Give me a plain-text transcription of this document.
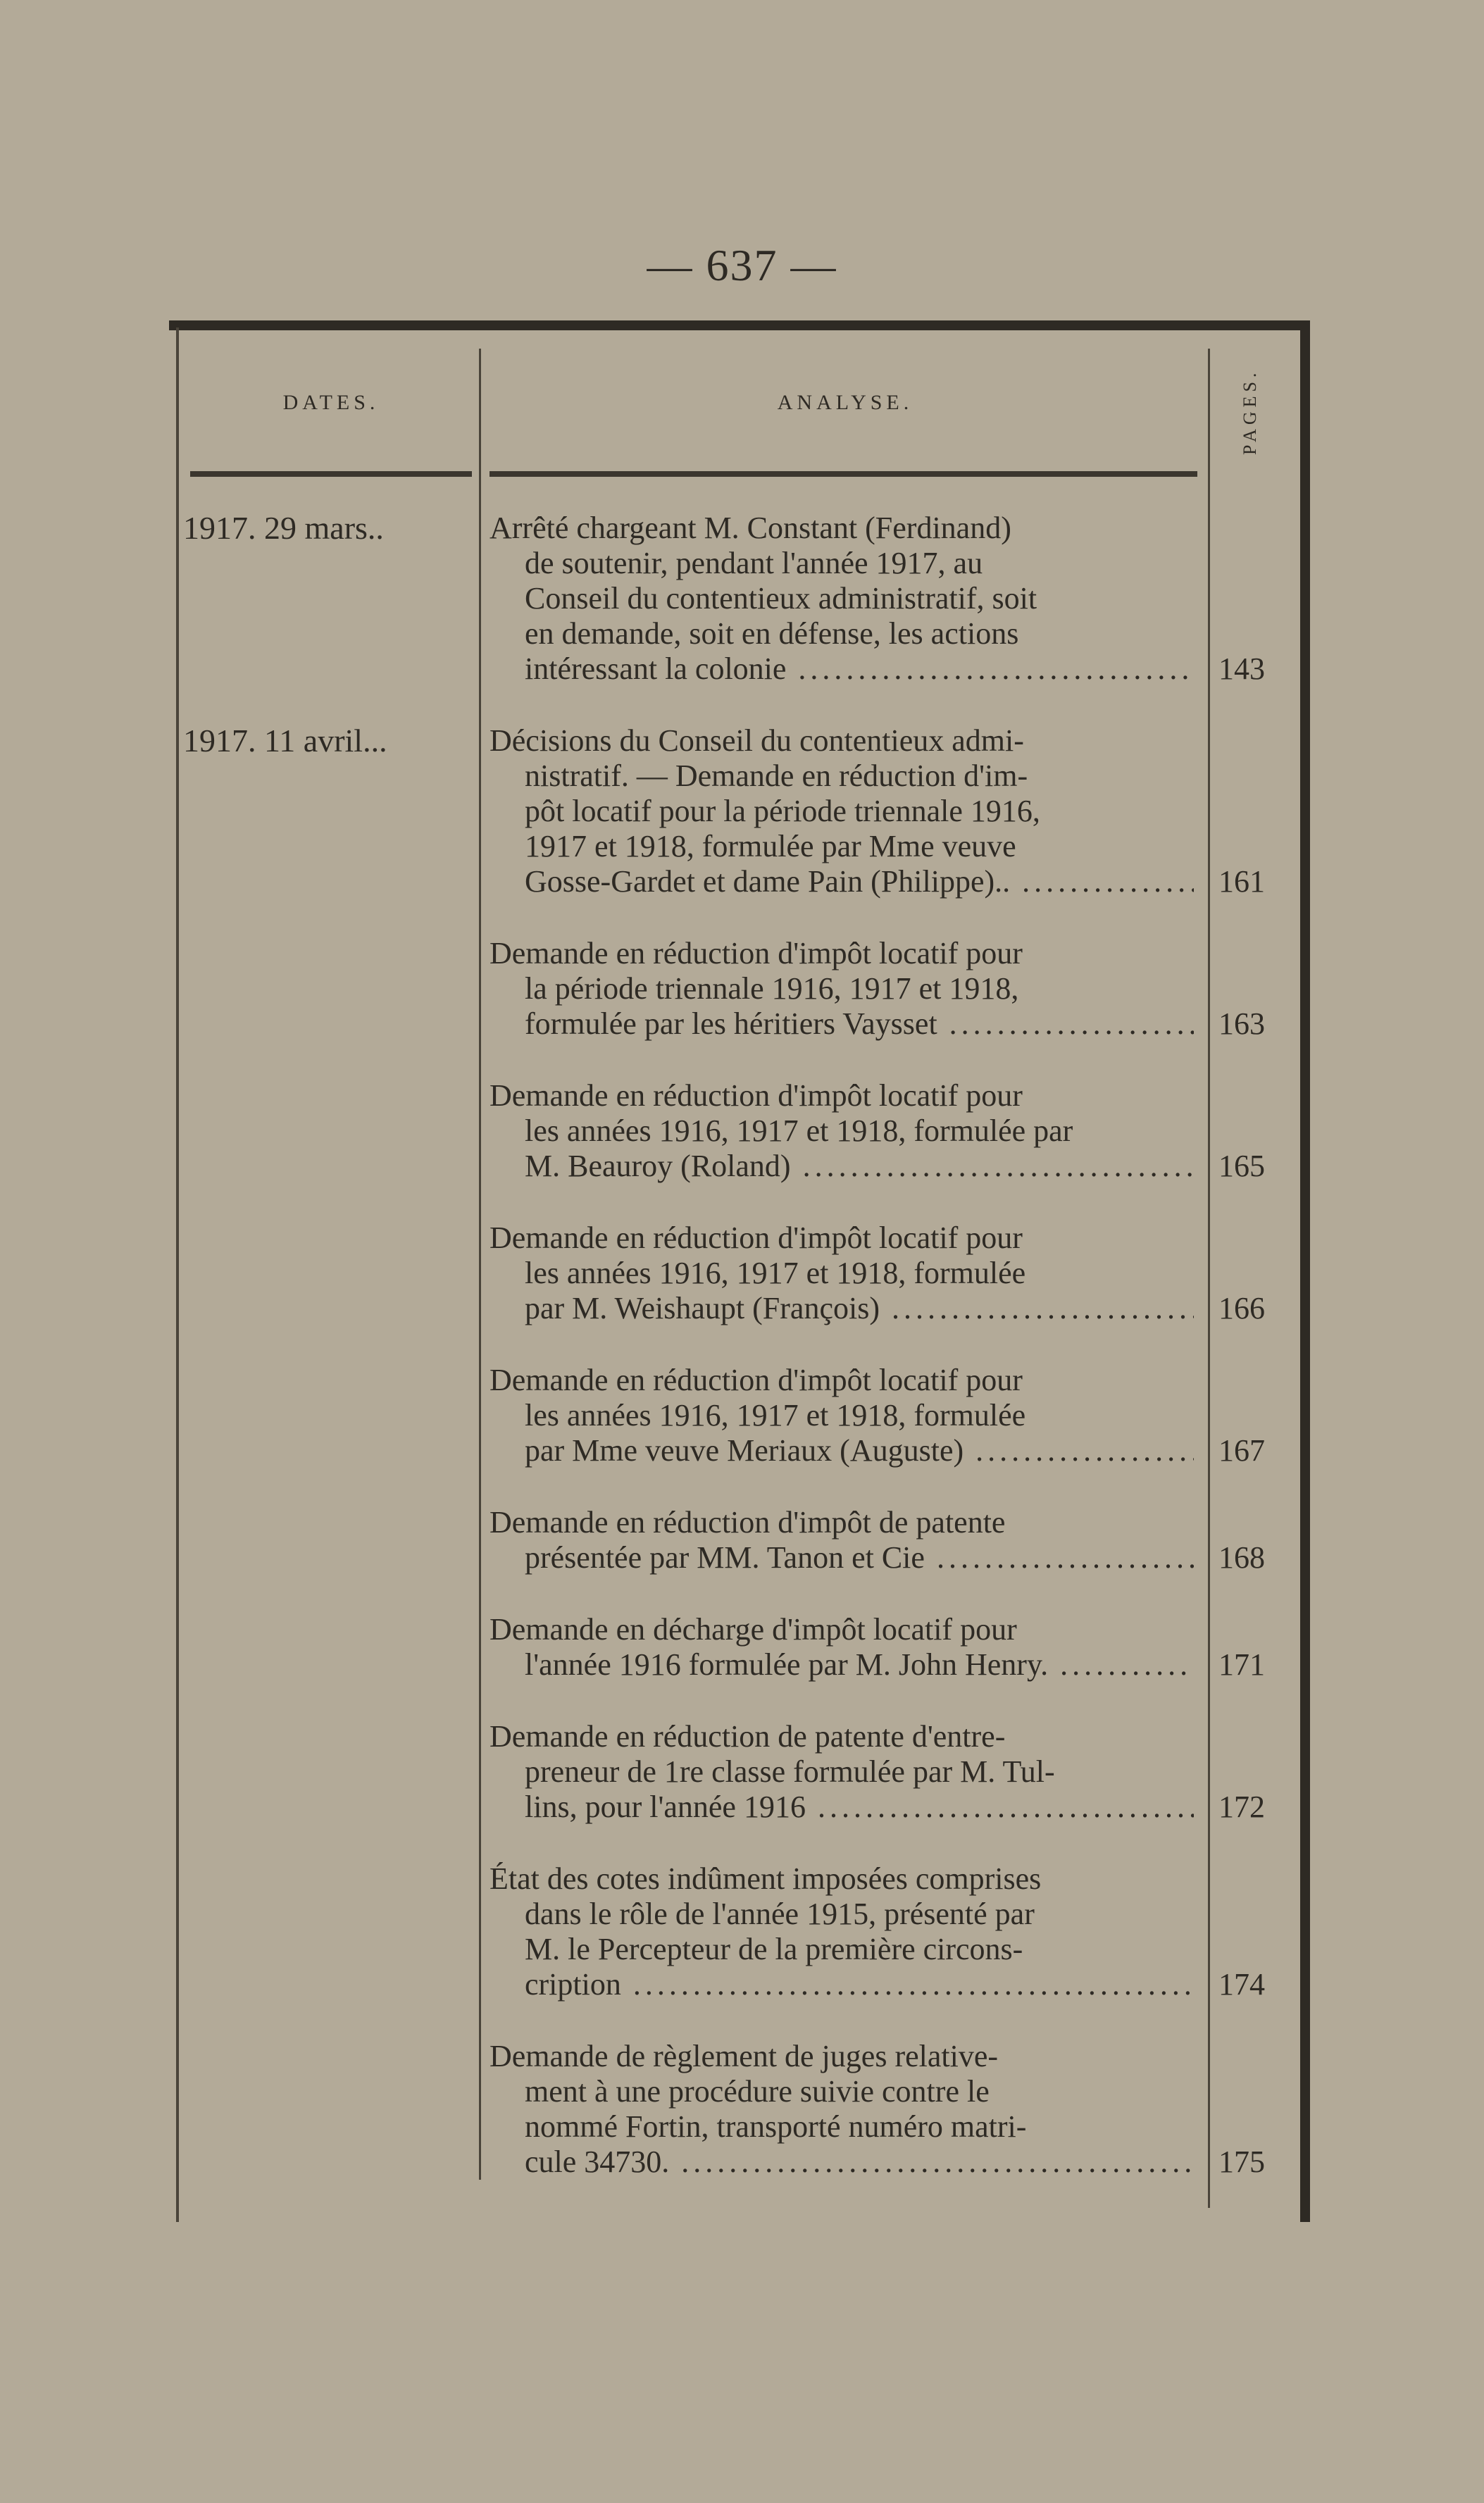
— 637 —
DATES.	ANALYSE.	PAGES.
1917. 29 mars..	Arrêté chargeant M. Constant (Ferdinand)
de soutenir, pendant l'année 1917, au
Conseil du contentieux administratif, soit
en demande, soit en défense, les actions
intéressant la colonie .....	143
1917. 11 avril...	Décisions du Conseil du contentieux admi-
nistratif. — Demande en réduction d'im-
pôt locatif pour la période triennale 1916,
1917 et 1918, formulée par Mme veuve
Gosse-Gardet et dame Pain (Philippe).. .....	161
Demande en réduction d'impôt locatif pour
la période triennale 1916, 1917 et 1918,
formulée par les héritiers Vaysset .....	163
Demande en réduction d'impôt locatif pour
les années 1916, 1917 et 1918, formulée par
M. Beauroy (Roland) .....	165
Demande en réduction d'impôt locatif pour
les années 1916, 1917 et 1918, formulée
par M. Weishaupt (François) .....	166
Demande en réduction d'impôt locatif pour
les années 1916, 1917 et 1918, formulée
par Mme veuve Meriaux (Auguste) .....	167
Demande en réduction d'impôt de patente
présentée par MM. Tanon et Cie .....	168
Demande en décharge d'impôt locatif pour
l'année 1916 formulée par M. John Henry. .....	171
Demande en réduction de patente d'entre-
preneur de 1re classe formulée par M. Tul-
lins, pour l'année 1916 .....	172
État des cotes indûment imposées comprises
dans le rôle de l'année 1915, présenté par
M. le Percepteur de la première circons-
cription .....	174
Demande de règlement de juges relative-
ment à une procédure suivie contre le
nommé Fortin, transporté numéro matri-
cule 34730. .....	175
